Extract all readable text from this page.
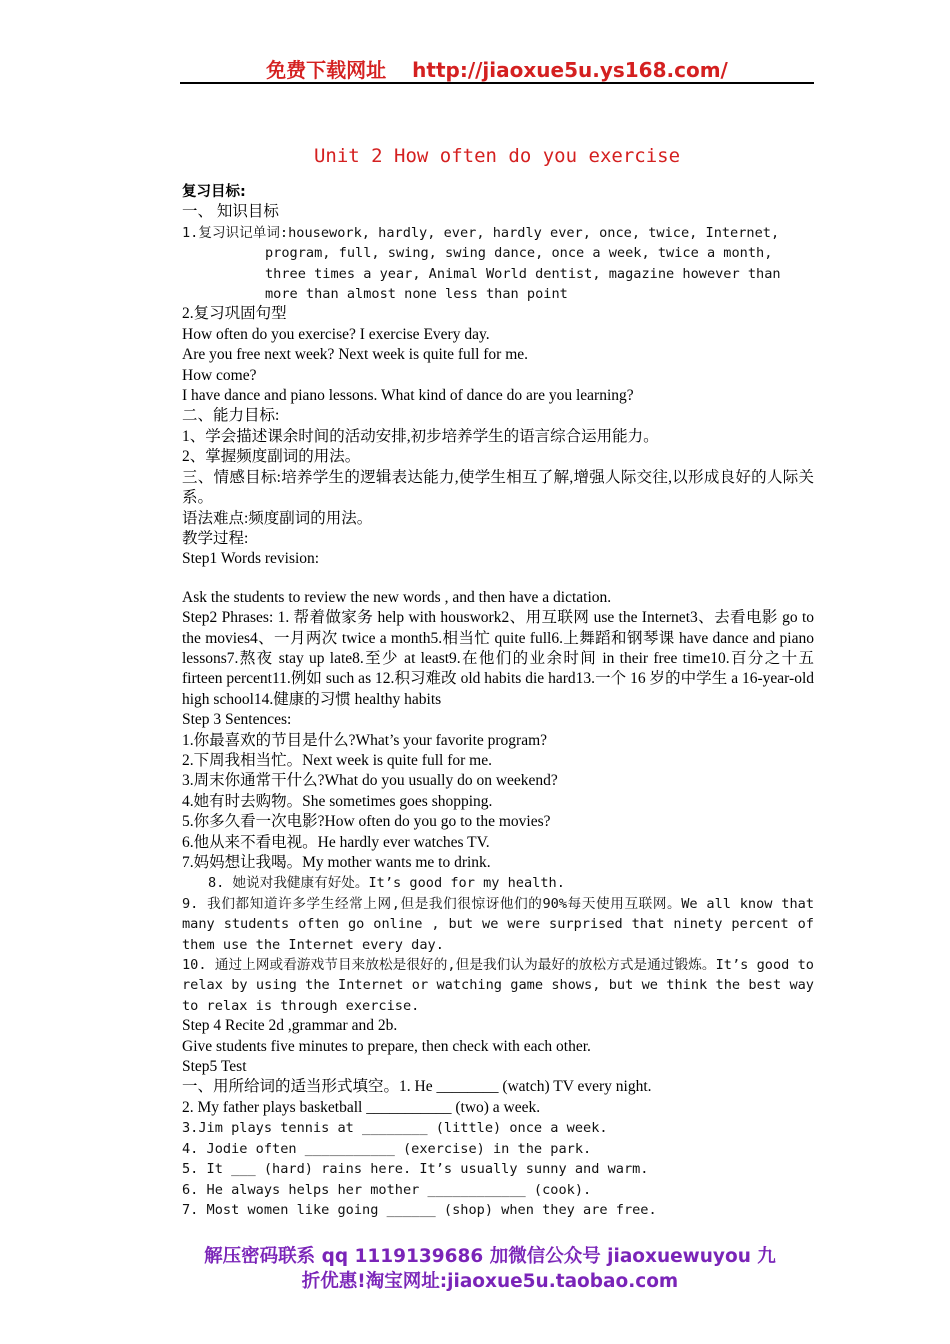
免费下载网址 http://jiaoxue5u.ys168.com/
Unit 2 How often do you exercise
复习目标:
一、 知识目标
1.复习识记单词:housework, hardly, ever, hardly ever, once, twice, Internet,
program, full, swing, swing dance, once a week, twice a month,
three times a year, Animal World dentist, magazine however than
more than almost none less than point
2.复习巩固句型
How often do you exercise? I exercise Every day.
Are you free next week? Next week is quite full for me.
How come?
I have dance and piano lessons. What kind of dance do are you learning?
二、能力目标:
1、学会描述课余时间的活动安排,初步培养学生的语言综合运用能力。
2、掌握频度副词的用法。
三、情感目标:培养学生的逻辑表达能力,使学生相互了解,增强人际交往,以形成良好的人际关系。
语法难点:频度副词的用法。
教学过程:
Step1 Words revision:
Ask the students to review the new words , and then have a dictation.
Step2 Phrases: 1. 帮着做家务 help with houswork2、用互联网 use the Internet3、去看电影 go to the movies4、一月两次 twice a month5.相当忙 quite full6.上舞蹈和钢琴课 have dance and piano lessons7.熬夜 stay up late8.至少 at least9.在他们的业余时间 in their free time10.百分之十五 firteen percent11.例如 such as 12.积习难改 old habits die hard13.一个 16 岁的中学生 a 16-year-old high school14.健康的习惯 healthy habits
Step 3 Sentences:
1.你最喜欢的节目是什么?What’s your favorite program?
2.下周我相当忙。Next week is quite full for me.
3.周末你通常干什么?What do you usually do on weekend?
4.她有时去购物。She sometimes goes shopping.
5.你多久看一次电影?How often do you go to the movies?
6.他从来不看电视。He hardly ever watches TV.
7.妈妈想让我喝。My mother wants me to drink.
8. 她说对我健康有好处。It’s good for my health.
9. 我们都知道许多学生经常上网,但是我们很惊讶他们的90%每天使用互联网。We all know that many students often go online , but we were surprised that ninety percent of them use the Internet every day.
10. 通过上网或看游戏节目来放松是很好的,但是我们认为最好的放松方式是通过锻炼。It’s good to relax by using the Internet or watching game shows, but we think the best way to relax is through exercise.
Step 4 Recite 2d ,grammar and 2b.
Give students five minutes to prepare, then check with each other.
Step5 Test
一、用所给词的适当形式填空。1. He ________ (watch) TV every night.
2. My father plays basketball ___________ (two) a week.
3.Jim plays tennis at ________ (little) once a week.
4. Jodie often ___________ (exercise) in the park.
5. It ___ (hard) rains here. It’s usually sunny and warm.
6. He always helps her mother ____________ (cook).
7. Most women like going ______ (shop) when they are free.
解压密码联系 qq 1119139686 加微信公众号 jiaoxuewuyou 九
折优惠!淘宝网址:jiaoxue5u.taobao.com
